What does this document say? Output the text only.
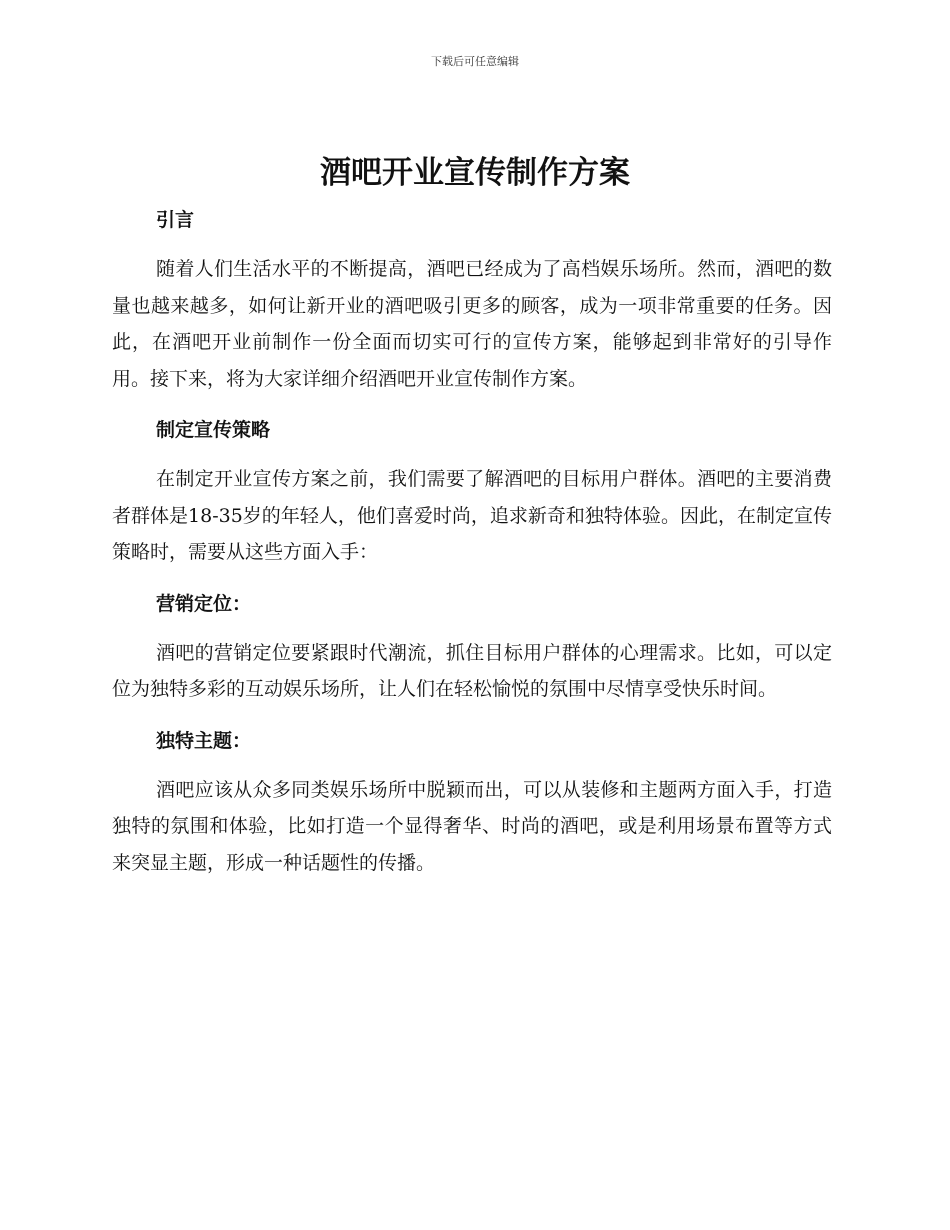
下载后可任意编辑
酒吧开业宣传制作方案
引言

随着人们生活水平的不断提高，酒吧已经成为了高档娱乐场所。然而，酒吧的数量也越来越多，如何让新开业的酒吧吸引更多的顾客，成为一项非常重要的任务。因此，在酒吧开业前制作一份全面而切实可行的宣传方案，能够起到非常好的引导作用。接下来，将为大家详细介绍酒吧开业宣传制作方案。

制定宣传策略

在制定开业宣传方案之前，我们需要了解酒吧的目标用户群体。酒吧的主要消费者群体是18-35岁的年轻人，他们喜爱时尚，追求新奇和独特体验。因此，在制定宣传策略时，需要从这些方面入手：

营销定位：

酒吧的营销定位要紧跟时代潮流，抓住目标用户群体的心理需求。比如，可以定位为独特多彩的互动娱乐场所，让人们在轻松愉悦的氛围中尽情享受快乐时间。

独特主题：

酒吧应该从众多同类娱乐场所中脱颖而出，可以从装修和主题两方面入手，打造独特的氛围和体验，比如打造一个显得奢华、时尚的酒吧，或是利用场景布置等方式来突显主题，形成一种话题性的传播。
